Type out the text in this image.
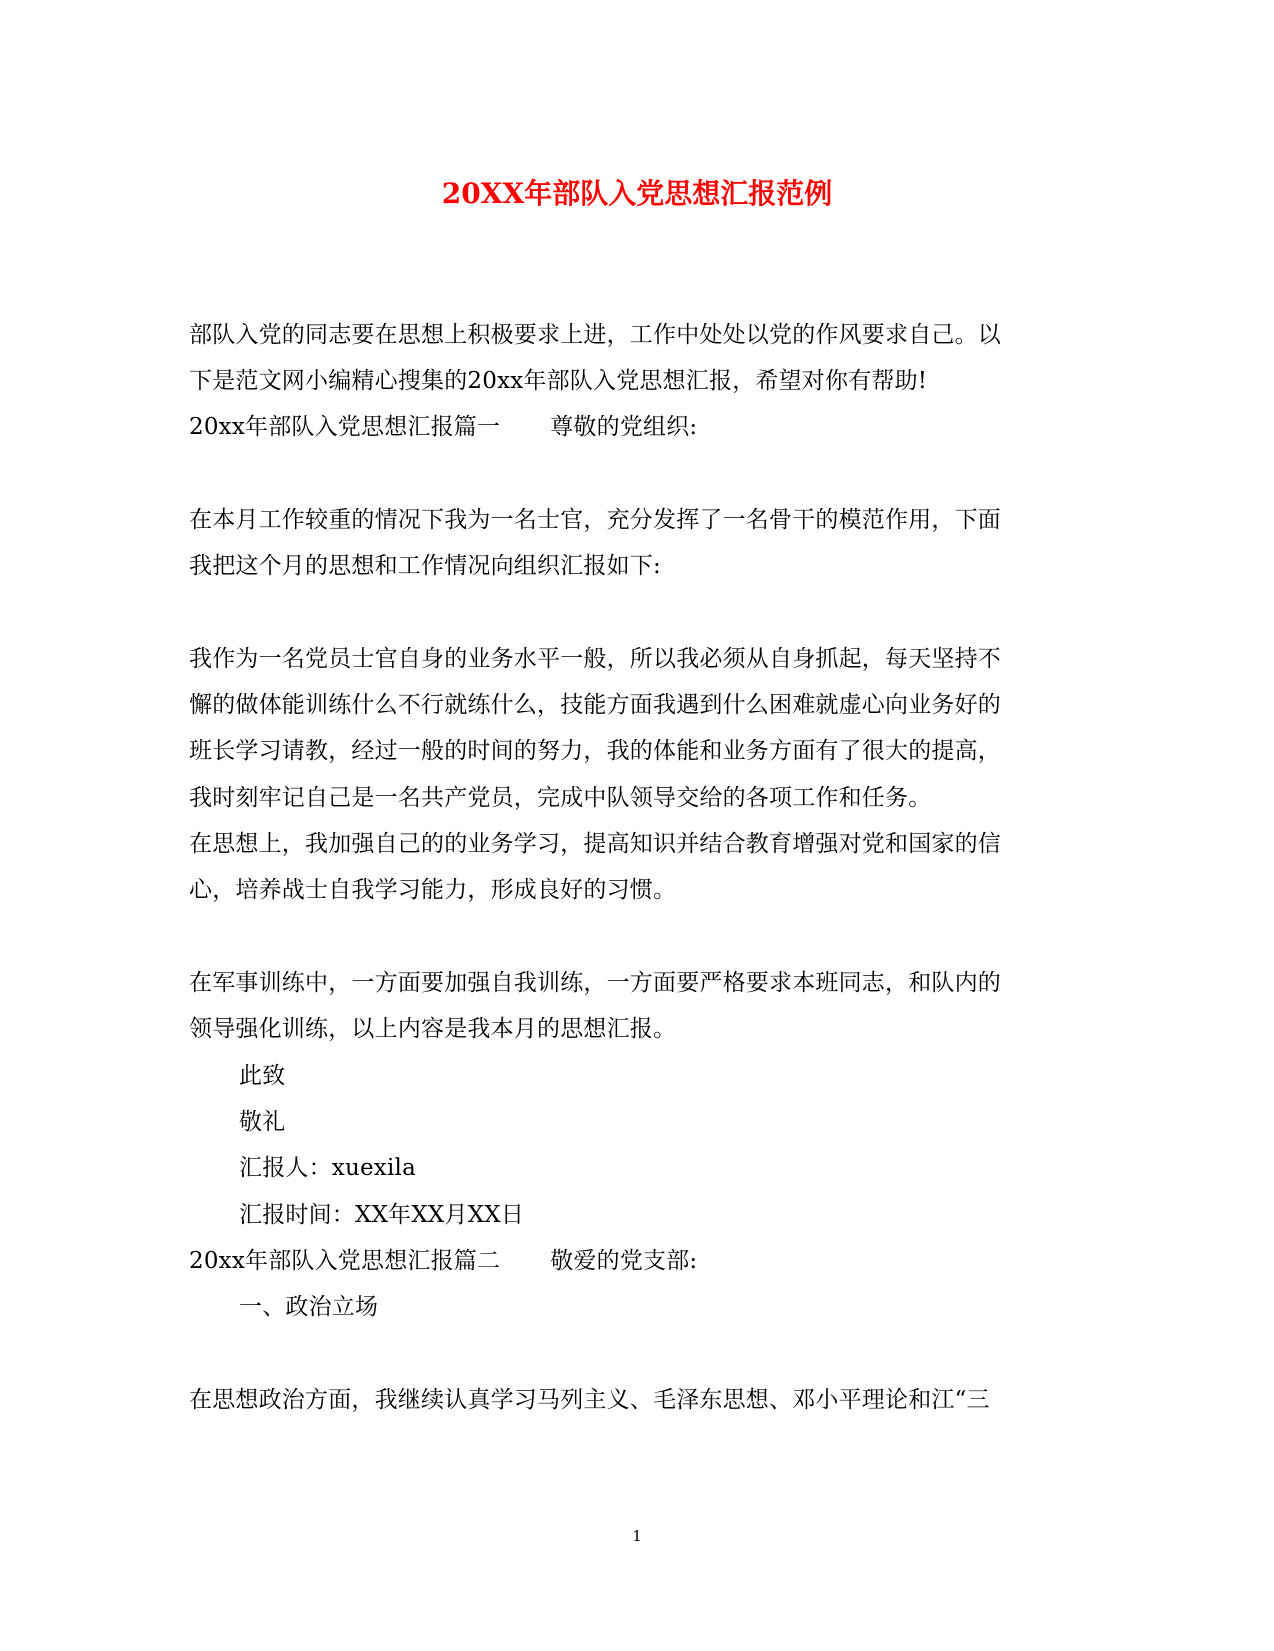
20XX年部队入党思想汇报范例
部队入党的同志要在思想上积极要求上进，工作中处处以党的作风要求自己。以
下是范文网小编精心搜集的20xx年部队入党思想汇报，希望对你有帮助!
20xx年部队入党思想汇报篇一 尊敬的党组织:
在本月工作较重的情况下我为一名士官，充分发挥了一名骨干的模范作用，下面
我把这个月的思想和工作情况向组织汇报如下:
我作为一名党员士官自身的业务水平一般，所以我必须从自身抓起，每天坚持不
懈的做体能训练什么不行就练什么，技能方面我遇到什么困难就虚心向业务好的
班长学习请教，经过一般的时间的努力，我的体能和业务方面有了很大的提高，
我时刻牢记自己是一名共产党员，完成中队领导交给的各项工作和任务。
在思想上，我加强自己的的业务学习，提高知识并结合教育增强对党和国家的信
心，培养战士自我学习能力，形成良好的习惯。
在军事训练中，一方面要加强自我训练，一方面要严格要求本班同志，和队内的
领导强化训练，以上内容是我本月的思想汇报。
此致
敬礼
汇报人：xuexila
汇报时间：XX年XX月XX日
20xx年部队入党思想汇报篇二 敬爱的党支部:
一、政治立场
在思想政治方面，我继续认真学习马列主义、毛泽东思想、邓小平理论和江“三
1
